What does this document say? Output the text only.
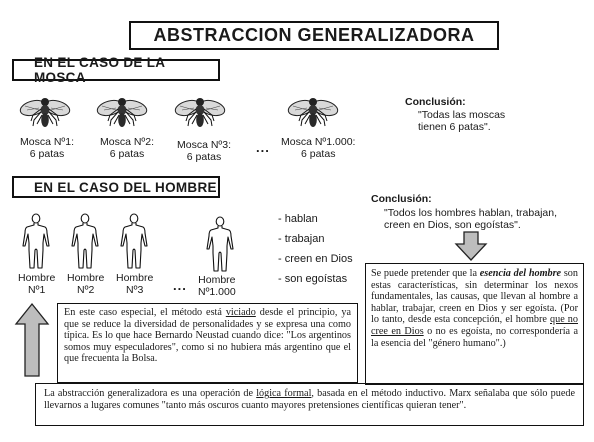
ABSTRACCION GENERALIZADORA
EN EL CASO DE LA MOSCA
Mosca Nº1:
6 patas
Mosca Nº2:
6 patas
Mosca Nº3:
6 patas
... Mosca Nº1.000:
6 patas
Conclusión:
"Todas las moscas
tienen 6 patas".
EN EL CASO DEL HOMBRE
Hombre
Nº1
Hombre
Nº2
Hombre
Nº3	... Hombre
Nº1.000
- hablan
- trabajan
- creen en Dios
- son egoístas
Conclusión:
"Todos los hombres hablan, trabajan,
creen en Dios, son egoístas".
Se puede pretender que la esencia del hombre son estas características, sin determinar los nexos fundamentales, las causas, que llevan al hombre a hablar, trabajar, creen en Dios y ser egoísta. (Por lo tanto, desde esta concepción, el hombre que no cree en Dios o no es egoísta, no correspondería a la esencia del "género humano".)
En este caso especial, el método está viciado desde el principio, ya que se reduce la diversidad de personalidades y se expresa una como típica. Es lo que hace Bernardo Neustad cuando dice: "Los argentinos somos muy especuladores", como si no hubiera más argentino que el que frecuenta la Bolsa.
La abstracción generalizadora es una operación de lógica formal, basada en el método inductivo. Marx señalaba que sólo puede llevarnos a lugares comunes "tanto más oscuros cuanto mayores pretensiones científicas quieran tener".
